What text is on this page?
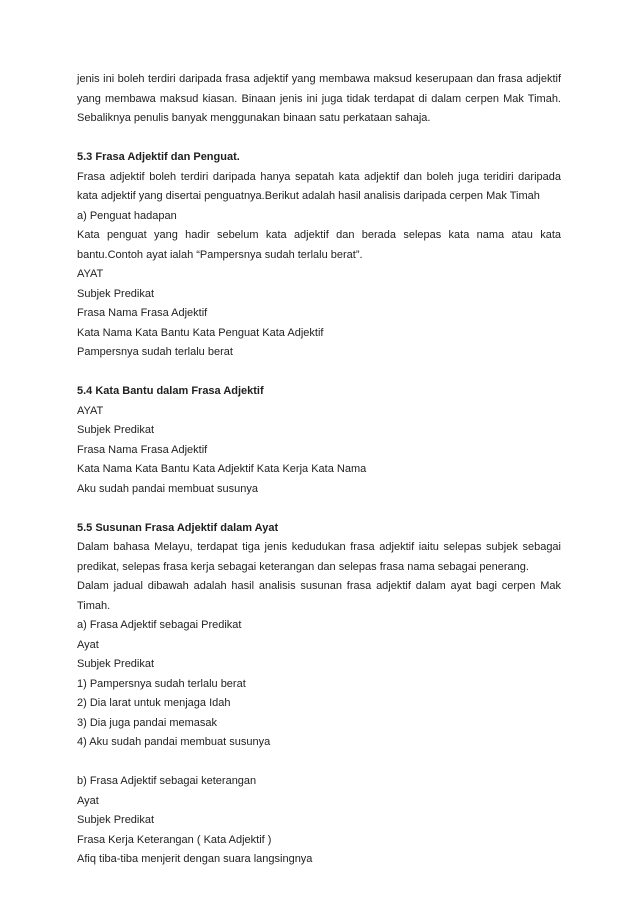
jenis ini boleh terdiri daripada frasa adjektif yang membawa maksud keserupaan dan frasa adjektif
yang membawa maksud kiasan. Binaan jenis ini juga tidak terdapat di dalam cerpen Mak Timah.
Sebaliknya penulis banyak menggunakan binaan satu perkataan sahaja.
5.3 Frasa Adjektif dan Penguat.
Frasa adjektif boleh terdiri daripada hanya sepatah kata adjektif dan boleh juga teridiri daripada
kata adjektif yang disertai penguatnya.Berikut adalah hasil analisis daripada cerpen Mak Timah
a) Penguat hadapan
Kata penguat yang hadir sebelum kata adjektif dan berada selepas kata nama atau kata
bantu.Contoh ayat ialah “Pampersnya sudah terlalu berat”.
AYAT
Subjek Predikat
Frasa Nama Frasa Adjektif
Kata Nama Kata Bantu Kata Penguat Kata Adjektif
Pampersnya sudah terlalu berat
5.4 Kata Bantu dalam Frasa Adjektif
AYAT
Subjek Predikat
Frasa Nama Frasa Adjektif
Kata Nama Kata Bantu Kata Adjektif Kata Kerja Kata Nama
Aku sudah pandai membuat susunya
5.5 Susunan Frasa Adjektif dalam Ayat
Dalam bahasa Melayu, terdapat tiga jenis kedudukan frasa adjektif iaitu selepas subjek sebagai
predikat, selepas frasa kerja sebagai keterangan dan selepas frasa nama sebagai penerang.
Dalam jadual dibawah adalah hasil analisis susunan frasa adjektif dalam ayat bagi cerpen Mak
Timah.
a) Frasa Adjektif sebagai Predikat
Ayat
Subjek Predikat
1) Pampersnya sudah terlalu berat
2) Dia larat untuk menjaga Idah
3) Dia juga pandai memasak
4) Aku sudah pandai membuat susunya
b) Frasa Adjektif sebagai keterangan
Ayat
Subjek Predikat
Frasa Kerja Keterangan ( Kata Adjektif )
Afiq tiba-tiba menjerit dengan suara langsingnya
